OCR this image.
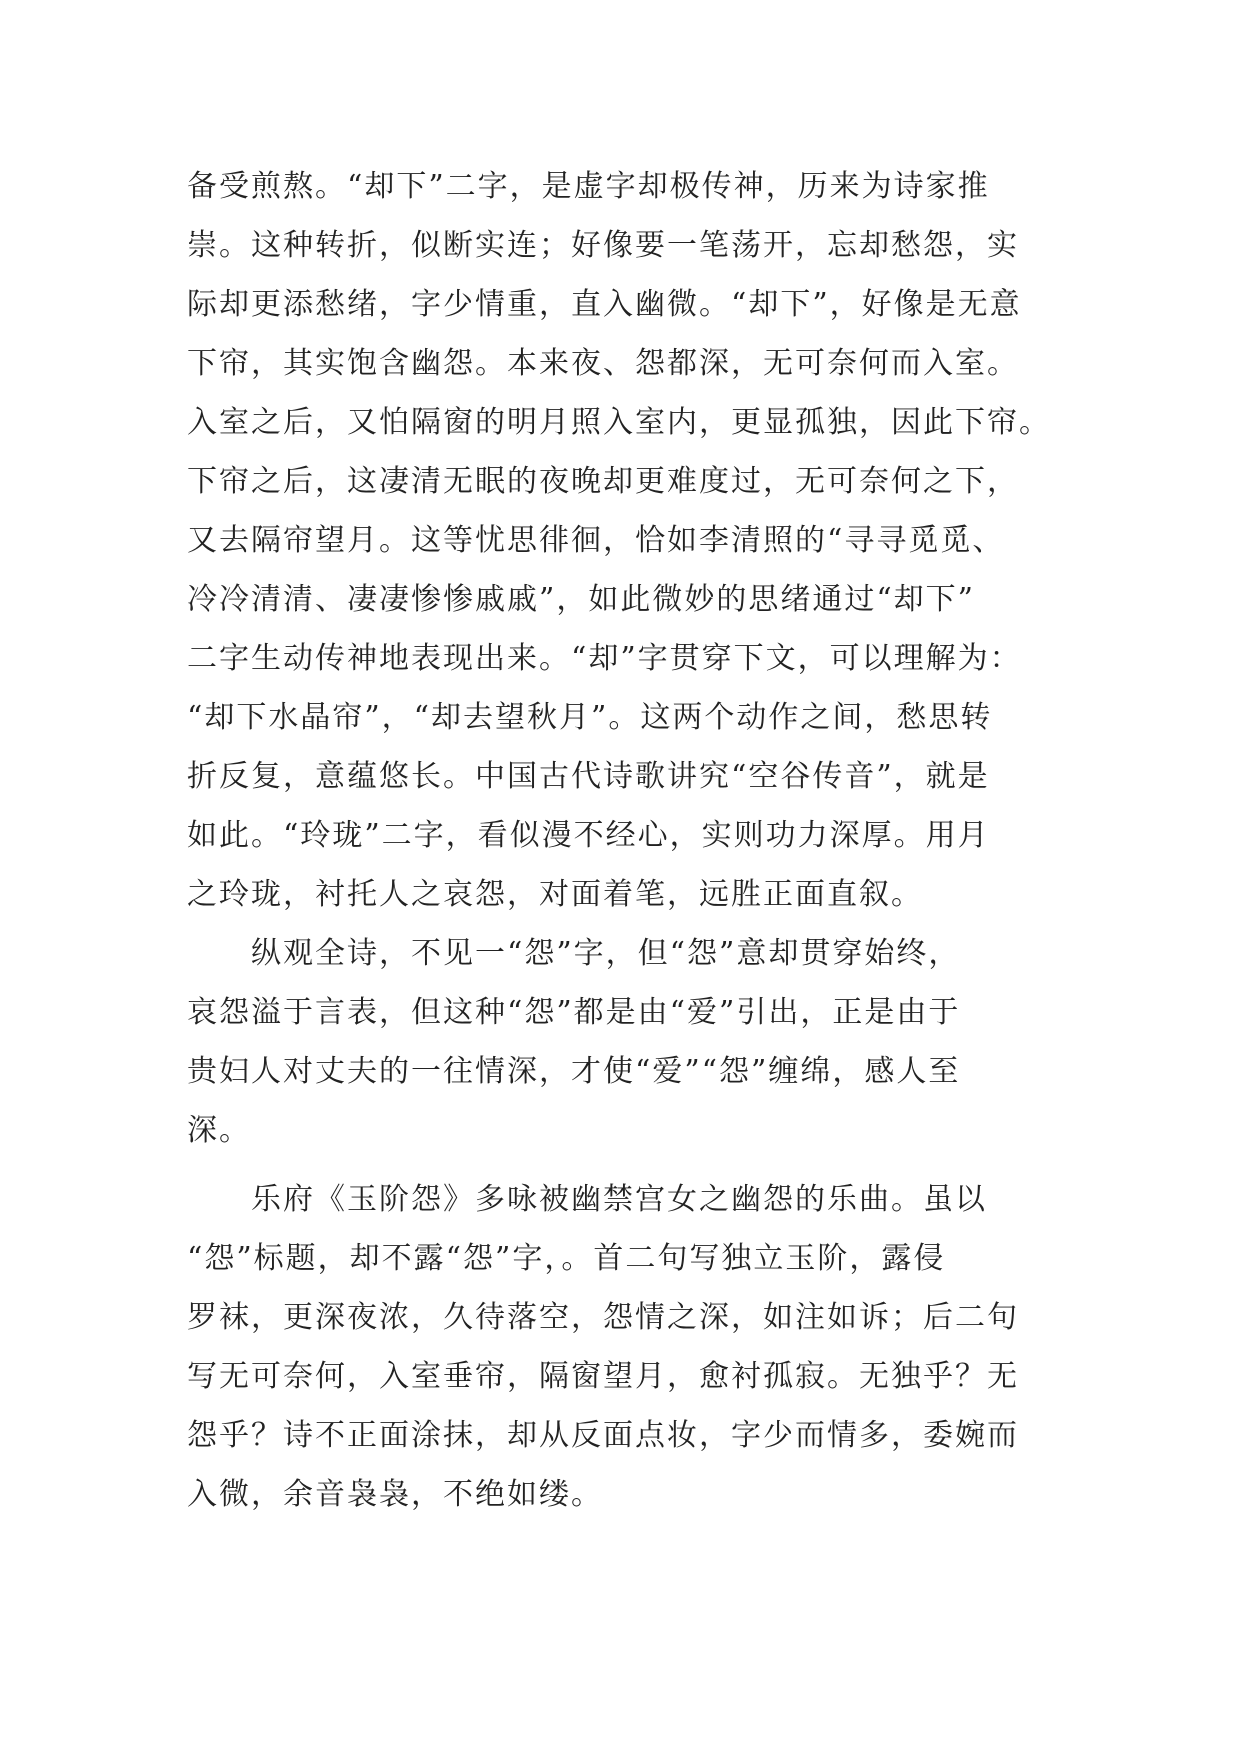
备受煎熬。“却下”二字，是虚字却极传神，历来为诗家推
崇。这种转折，似断实连；好像要一笔荡开，忘却愁怨，实
际却更添愁绪，字少情重，直入幽微。“却下”，好像是无意
下帘，其实饱含幽怨。本来夜、怨都深，无可奈何而入室。
入室之后，又怕隔窗的明月照入室内，更显孤独，因此下帘。
下帘之后，这凄清无眠的夜晚却更难度过，无可奈何之下，
又去隔帘望月。这等忧思徘徊，恰如李清照的“寻寻觅觅、
冷冷清清、凄凄惨惨戚戚”，如此微妙的思绪通过“却下”
二字生动传神地表现出来。“却”字贯穿下文，可以理解为：
“却下水晶帘”，“却去望秋月”。这两个动作之间，愁思转
折反复，意蕴悠长。中国古代诗歌讲究“空谷传音”，就是
如此。“玲珑”二字，看似漫不经心，实则功力深厚。用月
之玲珑，衬托人之哀怨，对面着笔，远胜正面直叙。
　　纵观全诗，不见一“怨”字，但“怨”意却贯穿始终，
哀怨溢于言表，但这种“怨”都是由“爱”引出，正是由于
贵妇人对丈夫的一往情深，才使“爱”“怨”缠绵，感人至
深。
　　乐府《玉阶怨》多咏被幽禁宫女之幽怨的乐曲。虽以
“怨”标题，却不露“怨”字，。首二句写独立玉阶，露侵
罗袜，更深夜浓，久待落空，怨情之深，如注如诉；后二句
写无可奈何，入室垂帘，隔窗望月，愈衬孤寂。无独乎？无
怨乎？诗不正面涂抹，却从反面点妆，字少而情多，委婉而
入微，余音袅袅，不绝如缕。
